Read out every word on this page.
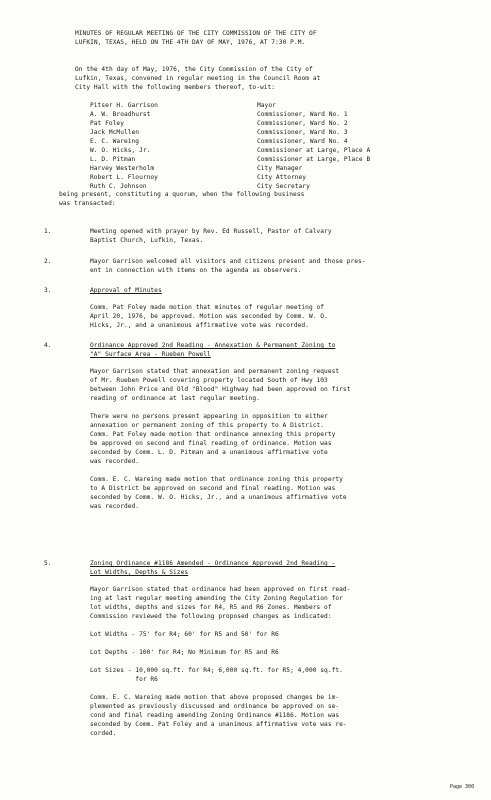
MINUTES OF REGULAR MEETING OF THE CITY COMMISSION OF THE CITY OF
LUFKIN, TEXAS, HELD ON THE 4TH DAY OF MAY, 1976, AT 7:30 P.M.
On the 4th day of May, 1976, the City Commission of the City of
Lufkin, Texas, convened in regular meeting in the Council Room at
City Hall with the following members thereof, to-wit:
Pitser H. Garrison	Mayor
A. W. Broadhurst	Commissioner, Ward No. 1
Pat Foley	Commissioner, Ward No. 2
Jack McMullen	Commissioner, Ward No. 3
E. C. Wareing	Commissioner, Ward No. 4
W. O. Hicks, Jr.	Commissioner at Large, Place A
L. D. Pitman	Commissioner at Large, Place B
Harvey Westerholm	City Manager
Robert L. Flournoy	City Attorney
Ruth C. Johnson	City Secretary
being present, constituting a quorum, when the following business
was transacted:
1.	Meeting opened with prayer by Rev. Ed Russell, Pastor of Calvary
Baptist Church, Lufkin, Texas.
2.	Mayor Garrison welcomed all visitors and citizens present and those pres-
ent in connection with items on the agenda as observers.
3.	Approval of Minutes
Comm. Pat Foley made motion that minutes of regular meeting of
April 20, 1976, be approved. Motion was seconded by Comm. W. O.
Hicks, Jr., and a unanimous affirmative vote was recorded.
4.	Ordinance Approved 2nd Reading - Annexation & Permanent Zoning to
"A" Surface Area - Rueben Powell
Mayor Garrison stated that annexation and permanent zoning request
of Mr. Rueben Powell covering property located South of Hwy 103
between John Price and Old "Blood" Highway had been approved on first
reading of ordinance at last regular meeting.
There were no persons present appearing in opposition to either
annexation or permanent zoning of this property to A District.
Comm. Pat Foley made motion that ordinance annexing this property
be approved on second and final reading of ordinance. Motion was
seconded by Comm. L. D. Pitman and a unanimous affirmative vote
was recorded.
Comm. E. C. Wareing made motion that ordinance zoning this property
to A District be approved on second and final reading. Motion was
seconded by Comm. W. O. Hicks, Jr., and a unanimous affirmative vote
was recorded.
5.	Zoning Ordinance #1186 Amended - Ordinance Approved 2nd Reading -
Lot Widths, Depths & Sizes
Mayor Garrison stated that ordinance had been approved on first read-
ing at last regular meeting amending the City Zoning Regulation for
lot widths, depths and sizes for R4, R5 and R6 Zones. Members of
Commission reviewed the following proposed changes as indicated:
Lot Widths - 75' for R4; 60' for R5 and 50' for R6
Lot Depths - 100' for R4; No Minimum for R5 and R6
Lot Sizes - 10,000 sq.ft. for R4; 6,000 sq.ft. for R5; 4,000 sq.ft.
for R6
Comm. E. C. Wareing made motion that above proposed changes be im-
plemented as previously discussed and ordinance be approved on se-
cond and final reading amending Zoning Ordinance #1186. Motion was
seconded by Comm. Pat Foley and a unanimous affirmative vote was re-
corded.
Page 300
